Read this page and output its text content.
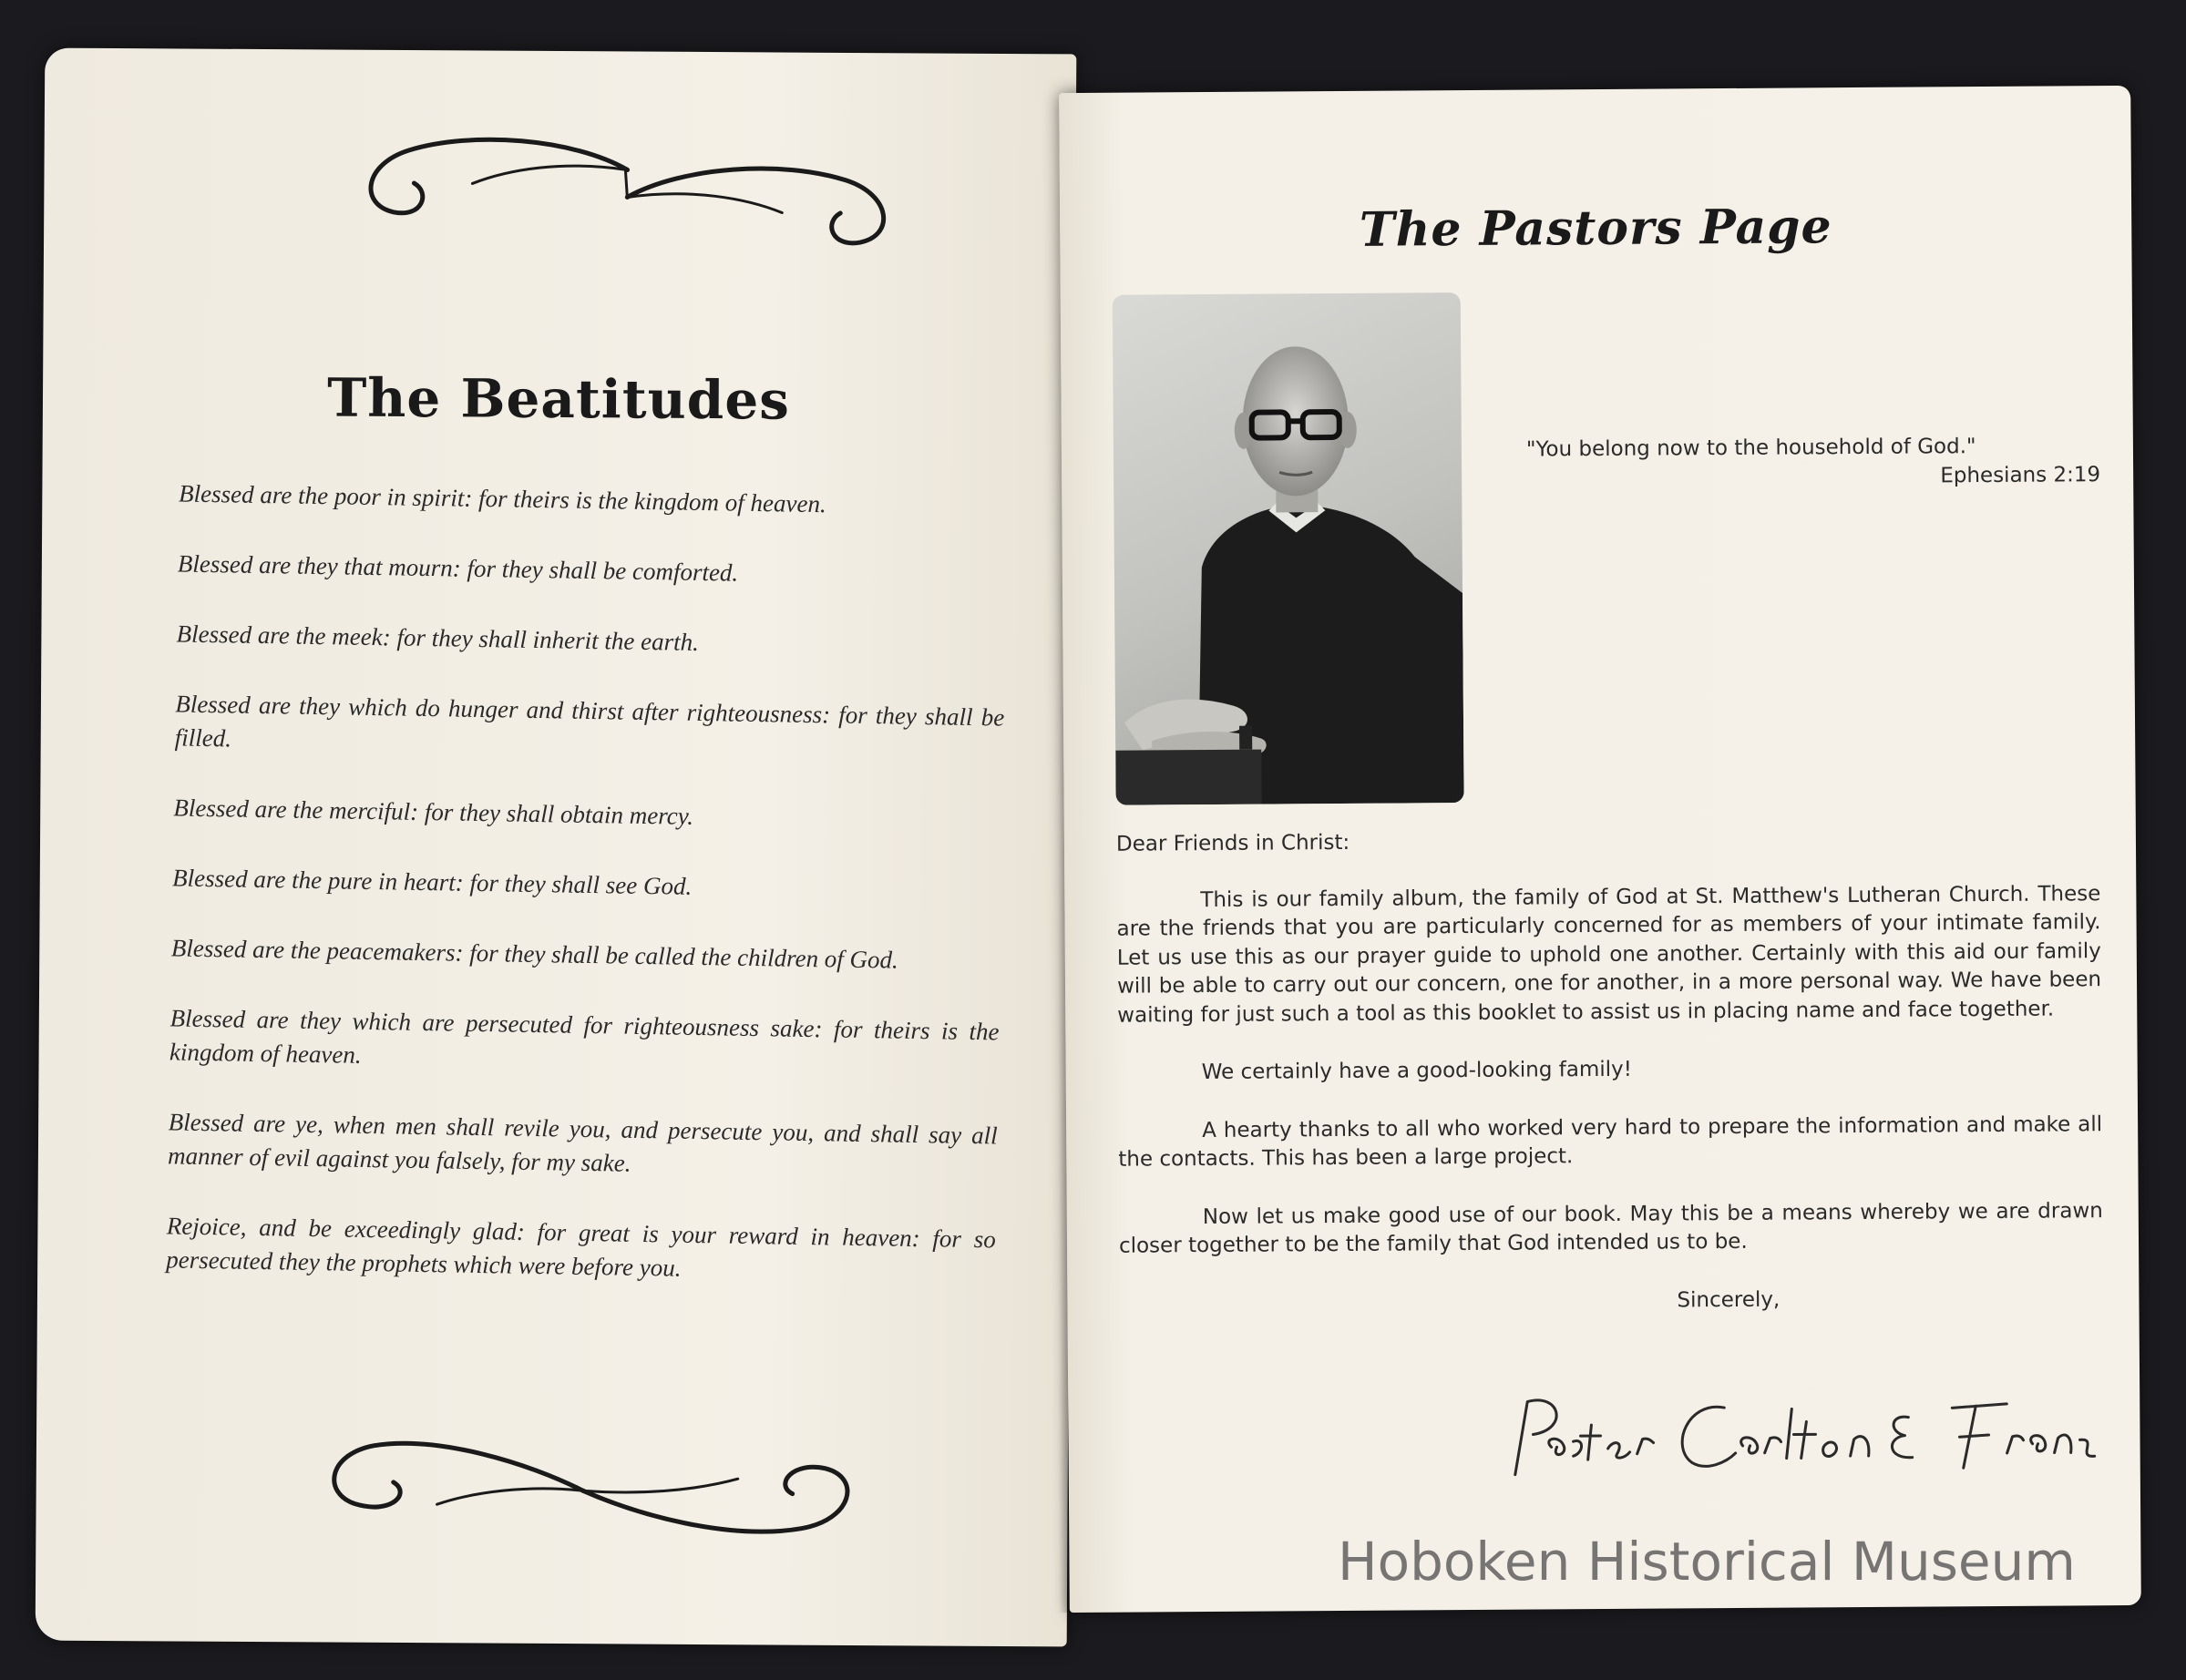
The Beatitudes
Blessed are the poor in spirit: for theirs is the kingdom of heaven.
Blessed are they that mourn: for they shall be comforted.
Blessed are the meek: for they shall inherit the earth.
Blessed are they which do hunger and thirst after righteousness: for they shall be filled.
Blessed are the merciful: for they shall obtain mercy.
Blessed are the pure in heart: for they shall see God.
Blessed are the peacemakers: for they shall be called the children of God.
Blessed are they which are persecuted for righteousness sake: for theirs is the kingdom of heaven.
Blessed are ye, when men shall revile you, and persecute you, and shall say all manner of evil against you falsely, for my sake.
Rejoice, and be exceedingly glad: for great is your reward in heaven: for so persecuted they the prophets which were before you.
The Pastors Page
"You belong now to the household of God."
Ephesians 2:19

Dear Friends in Christ:

This is our family album, the family of God at St. Matthew's Lutheran Church. These are the friends that you are particularly concerned for as members of your intimate family. Let us use this as our prayer guide to uphold one another. Certainly with this aid our family will be able to carry out our concern, one for another, in a more personal way. We have been waiting for just such a tool as this booklet to assist us in placing name and face together.

We certainly have a good-looking family!

A hearty thanks to all who worked very hard to prepare the information and make all the contacts. This has been a large project.

Now let us make good use of our book. May this be a means whereby we are drawn closer together to be the family that God intended us to be.

Sincerely,

Pastor Carlton E Franzen
Hoboken Historical Museum
